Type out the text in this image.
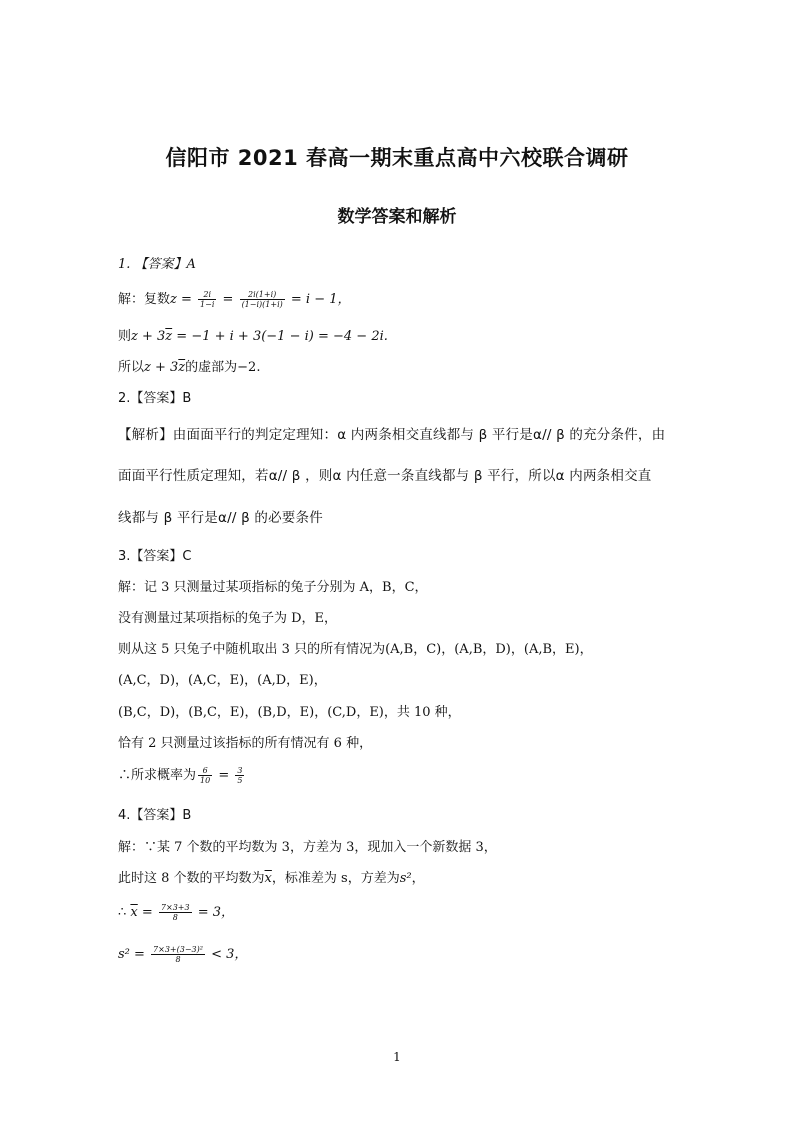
信阳市 2021 春高一期末重点高中六校联合调研
数学答案和解析
1. 【答案】A
解：复数$z = \frac{2i}{1-i} = \frac{2i(1+i)}{(1-i)(1+i)} = i - 1$，
则$z + 3\overline{z} = -1 + i + 3(-1 - i) = -4 - 2i$.
所以$z + 3\overline{z}$的虚部为−2.
2.【答案】B
【解析】由面面平行的判定定理知：α 内两条相交直线都与 β 平行是α// β 的充分条件，由
面面平行性质定理知，若α// β ，则α 内任意一条直线都与 β 平行，所以α 内两条相交直
线都与 β 平行是α// β 的必要条件
3.【答案】C
解：记 3 只测量过某项指标的兔子分别为 A，B，C，
没有测量过某项指标的兔子为 D，E，
则从这 5 只兔子中随机取出 3 只的所有情况为(A,B，C)，(A,B，D)，(A,B，E)，
(A,C，D)，(A,C，E)，(A,D，E)，
(B,C，D)，(B,C，E)，(B,D，E)，(C,D，E)，共 10 种，
恰有 2 只测量过该指标的所有情况有 6 种，
∴所求概率为 $\frac{6}{10} = \frac{3}{5}$
4.【答案】B
解：∵某 7 个数的平均数为 3，方差为 3，现加入一个新数据 3，
此时这 8 个数的平均数为$\overline{x}$，标准差为 s，方差为s²，
∴ $\overline{x} = \frac{7\times 3+3}{8} = 3$，
$s^2 = \frac{\text{7×3+(3−3)²}}{8} < 3$，
1
